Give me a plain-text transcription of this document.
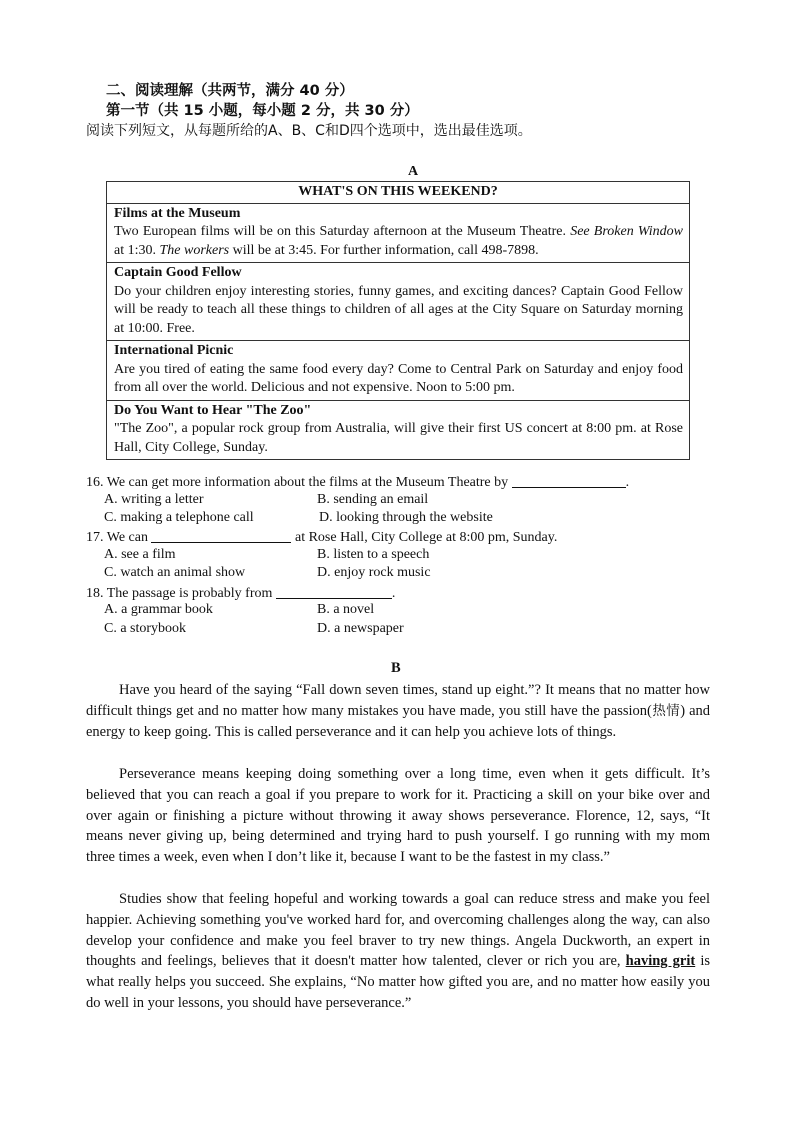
二、阅读理解（共两节，满分 40 分）
第一节（共 15 小题，每小题 2 分，共 30 分）
阅读下列短文，从每题所给的A、B、C和D四个选项中，选出最佳选项。
A
WHAT'S ON THIS WEEKEND?

Films at the Museum
Two European films will be on this Saturday afternoon at the Museum Theatre. See Broken Window at 1:30. The workers will be at 3:45. For further information, call 498-7898.

Captain Good Fellow
Do your children enjoy interesting stories, funny games, and exciting dances? Captain Good Fellow will be ready to teach all these things to children of all ages at the City Square on Saturday morning at 10:00. Free.

International Picnic
Are you tired of eating the same food every day? Come to Central Park on Saturday and enjoy food from all over the world. Delicious and not expensive. Noon to 5:00 pm.

Do You Want to Hear "The Zoo"
"The Zoo", a popular rock group from Australia, will give their first US concert at 8:00 pm. at Rose Hall, City College, Sunday.
16. We can get more information about the films at the Museum Theatre by	.
A. writing a letter	B. sending an email
C. making a telephone call	D. looking through the website
17. We can	at Rose Hall, City College at 8:00 pm, Sunday.
A. see a film	B. listen to a speech
C. watch an animal show	D. enjoy rock music
18. The passage is probably from	.
A. a grammar book	B. a novel
C. a storybook	D. a newspaper
B

Have you heard of the saying “Fall down seven times, stand up eight.”? It means that no matter how difficult things get and no matter how many mistakes you have made, you still have the passion(热情) and energy to keep going. This is called perseverance and it can help you achieve lots of things.

Perseverance means keeping doing something over a long time, even when it gets difficult. It’s believed that you can reach a goal if you prepare to work for it. Practicing a skill on your bike over and over again or finishing a picture without throwing it away shows perseverance. Florence, 12, says, “It means never giving up, being determined and trying hard to push yourself. I go running with my mom three times a week, even when I don’t like it, because I want to be the fastest in my class.”

Studies show that feeling hopeful and working towards a goal can reduce stress and make you feel happier. Achieving something you've worked hard for, and overcoming challenges along the way, can also develop your confidence and make you feel braver to try new things. Angela Duckworth, an expert in thoughts and feelings, believes that it doesn't matter how talented, clever or rich you are, having grit is what really helps you succeed. She explains, “No matter how gifted you are, and no matter how easily you do well in your lessons, you should have perseverance.”
